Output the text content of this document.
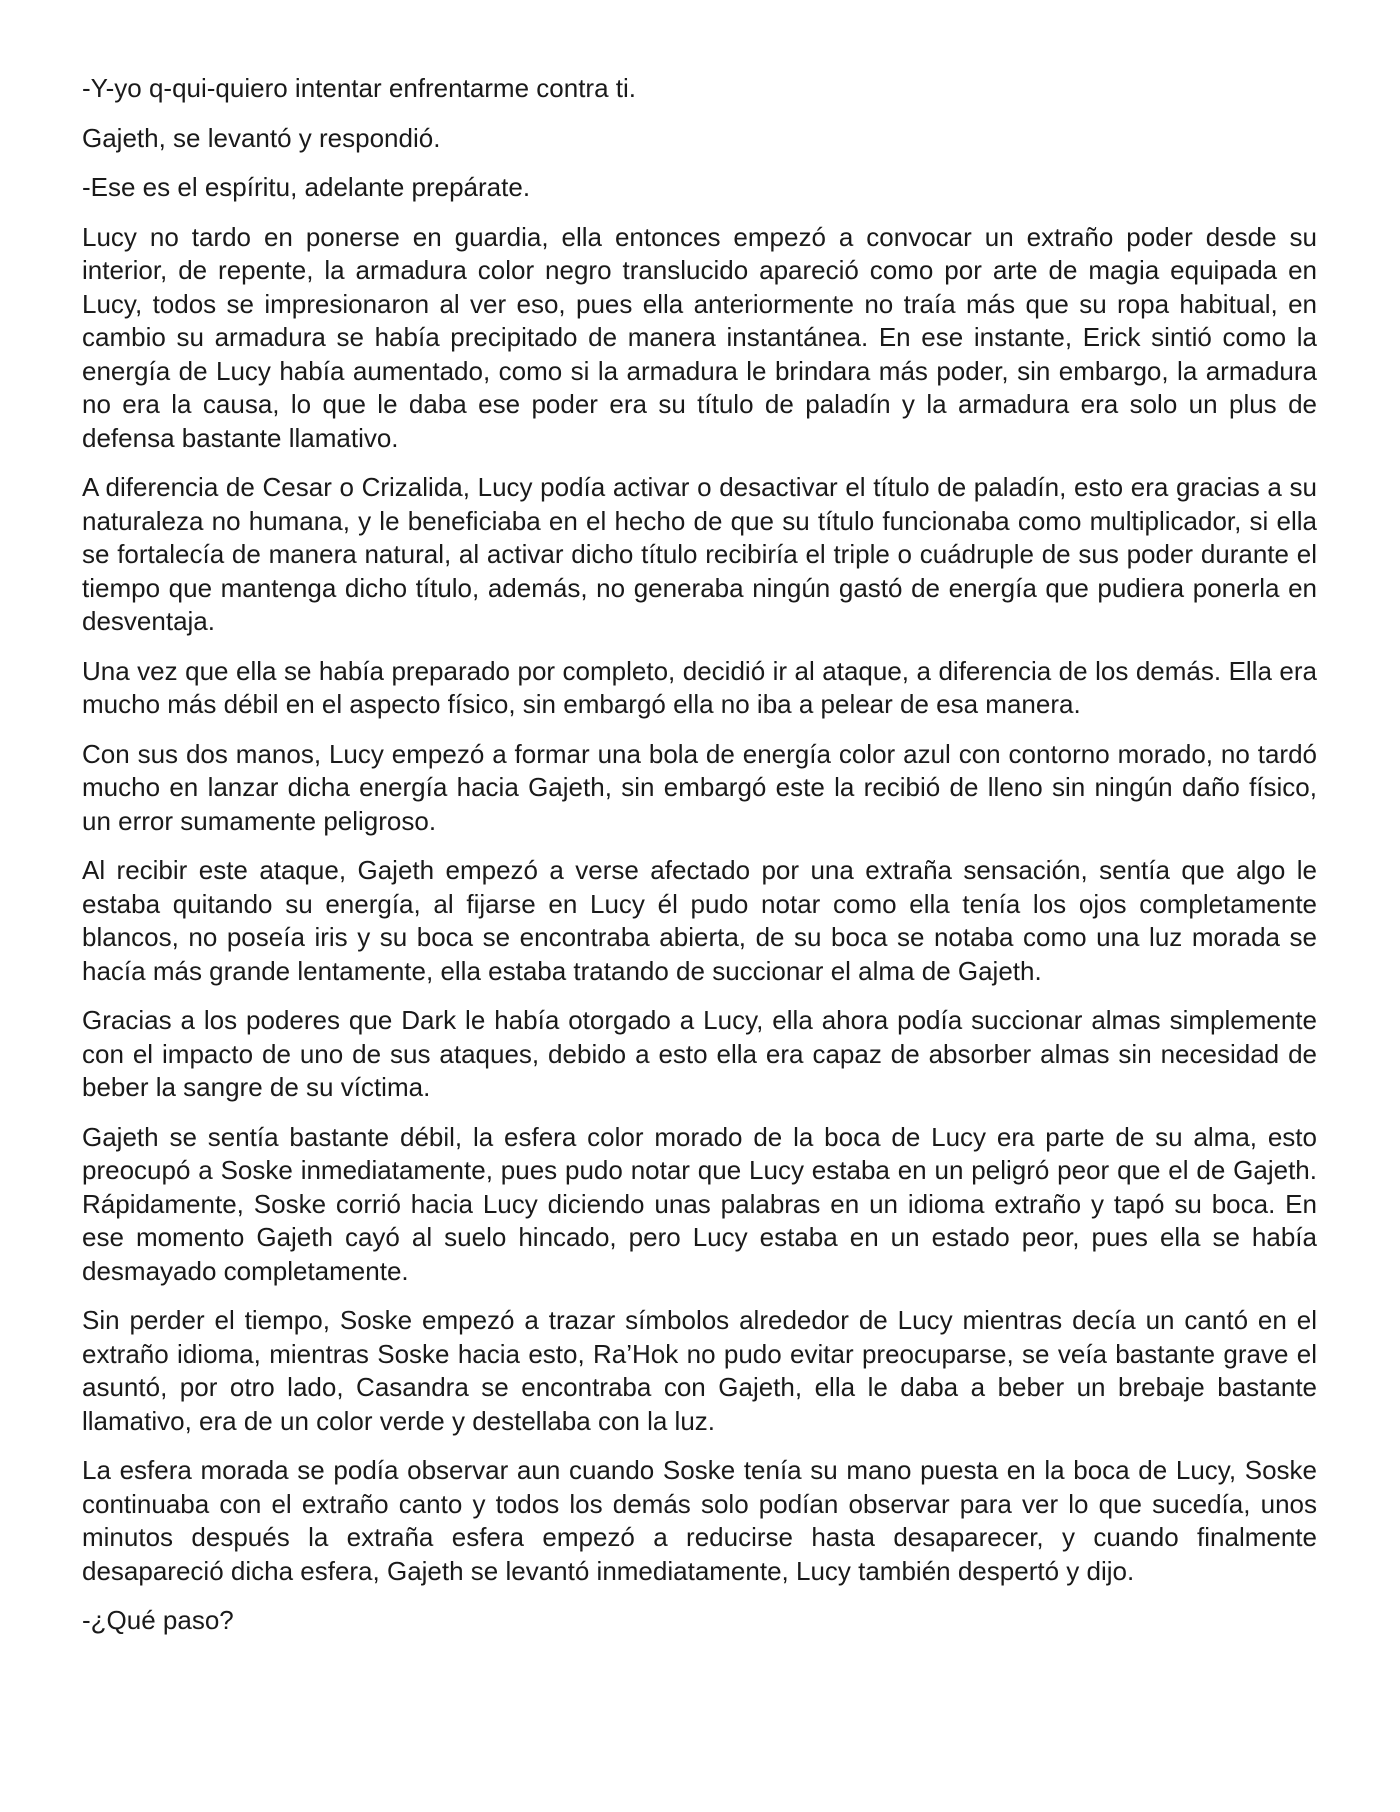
-Y-yo q-qui-quiero intentar enfrentarme contra ti.

Gajeth, se levantó y respondió.

-Ese es el espíritu, adelante prepárate.

Lucy no tardo en ponerse en guardia, ella entonces empezó a convocar un extraño poder desde su interior, de repente, la armadura color negro translucido apareció como por arte de magia equipada en Lucy, todos se impresionaron al ver eso, pues ella anteriormente no traía más que su ropa habitual, en cambio su armadura se había precipitado de manera instantánea. En ese instante, Erick sintió como la energía de Lucy había aumentado, como si la armadura le brindara más poder, sin embargo, la armadura no era la causa, lo que le daba ese poder era su título de paladín y la armadura era solo un plus de defensa bastante llamativo.

A diferencia de Cesar o Crizalida, Lucy podía activar o desactivar el título de paladín, esto era gracias a su naturaleza no humana, y le beneficiaba en el hecho de que su título funcionaba como multiplicador, si ella se fortalecía de manera natural, al activar dicho título recibiría el triple o cuádruple de sus poder durante el tiempo que mantenga dicho título, además, no generaba ningún gastó de energía que pudiera ponerla en desventaja.

Una vez que ella se había preparado por completo, decidió ir al ataque, a diferencia de los demás. Ella era mucho más débil en el aspecto físico, sin embargó ella no iba a pelear de esa manera.

Con sus dos manos, Lucy empezó a formar una bola de energía color azul con contorno morado, no tardó mucho en lanzar dicha energía hacia Gajeth, sin embargó este la recibió de lleno sin ningún daño físico, un error sumamente peligroso.

Al recibir este ataque, Gajeth empezó a verse afectado por una extraña sensación, sentía que algo le estaba quitando su energía, al fijarse en Lucy él pudo notar como ella tenía los ojos completamente blancos, no poseía iris y su boca se encontraba abierta, de su boca se notaba como una luz morada se hacía más grande lentamente, ella estaba tratando de succionar el alma de Gajeth.

Gracias a los poderes que Dark le había otorgado a Lucy, ella ahora podía succionar almas simplemente con el impacto de uno de sus ataques, debido a esto ella era capaz de absorber almas sin necesidad de beber la sangre de su víctima.

Gajeth se sentía bastante débil, la esfera color morado de la boca de Lucy era parte de su alma, esto preocupó a Soske inmediatamente, pues pudo notar que Lucy estaba en un peligró peor que el de Gajeth. Rápidamente, Soske corrió hacia Lucy diciendo unas palabras en un idioma extraño y tapó su boca. En ese momento Gajeth cayó al suelo hincado, pero Lucy estaba en un estado peor, pues ella se había desmayado completamente.

Sin perder el tiempo, Soske empezó a trazar símbolos alrededor de Lucy mientras decía un cantó en el extraño idioma, mientras Soske hacia esto, Ra’Hok no pudo evitar preocuparse, se veía bastante grave el asuntó, por otro lado, Casandra se encontraba con Gajeth, ella le daba a beber un brebaje bastante llamativo, era de un color verde y destellaba con la luz.

La esfera morada se podía observar aun cuando Soske tenía su mano puesta en la boca de Lucy, Soske continuaba con el extraño canto y todos los demás solo podían observar para ver lo que sucedía, unos minutos después la extraña esfera empezó a reducirse hasta desaparecer, y cuando finalmente desapareció dicha esfera, Gajeth se levantó inmediatamente, Lucy también despertó y dijo.

-¿Qué paso?
